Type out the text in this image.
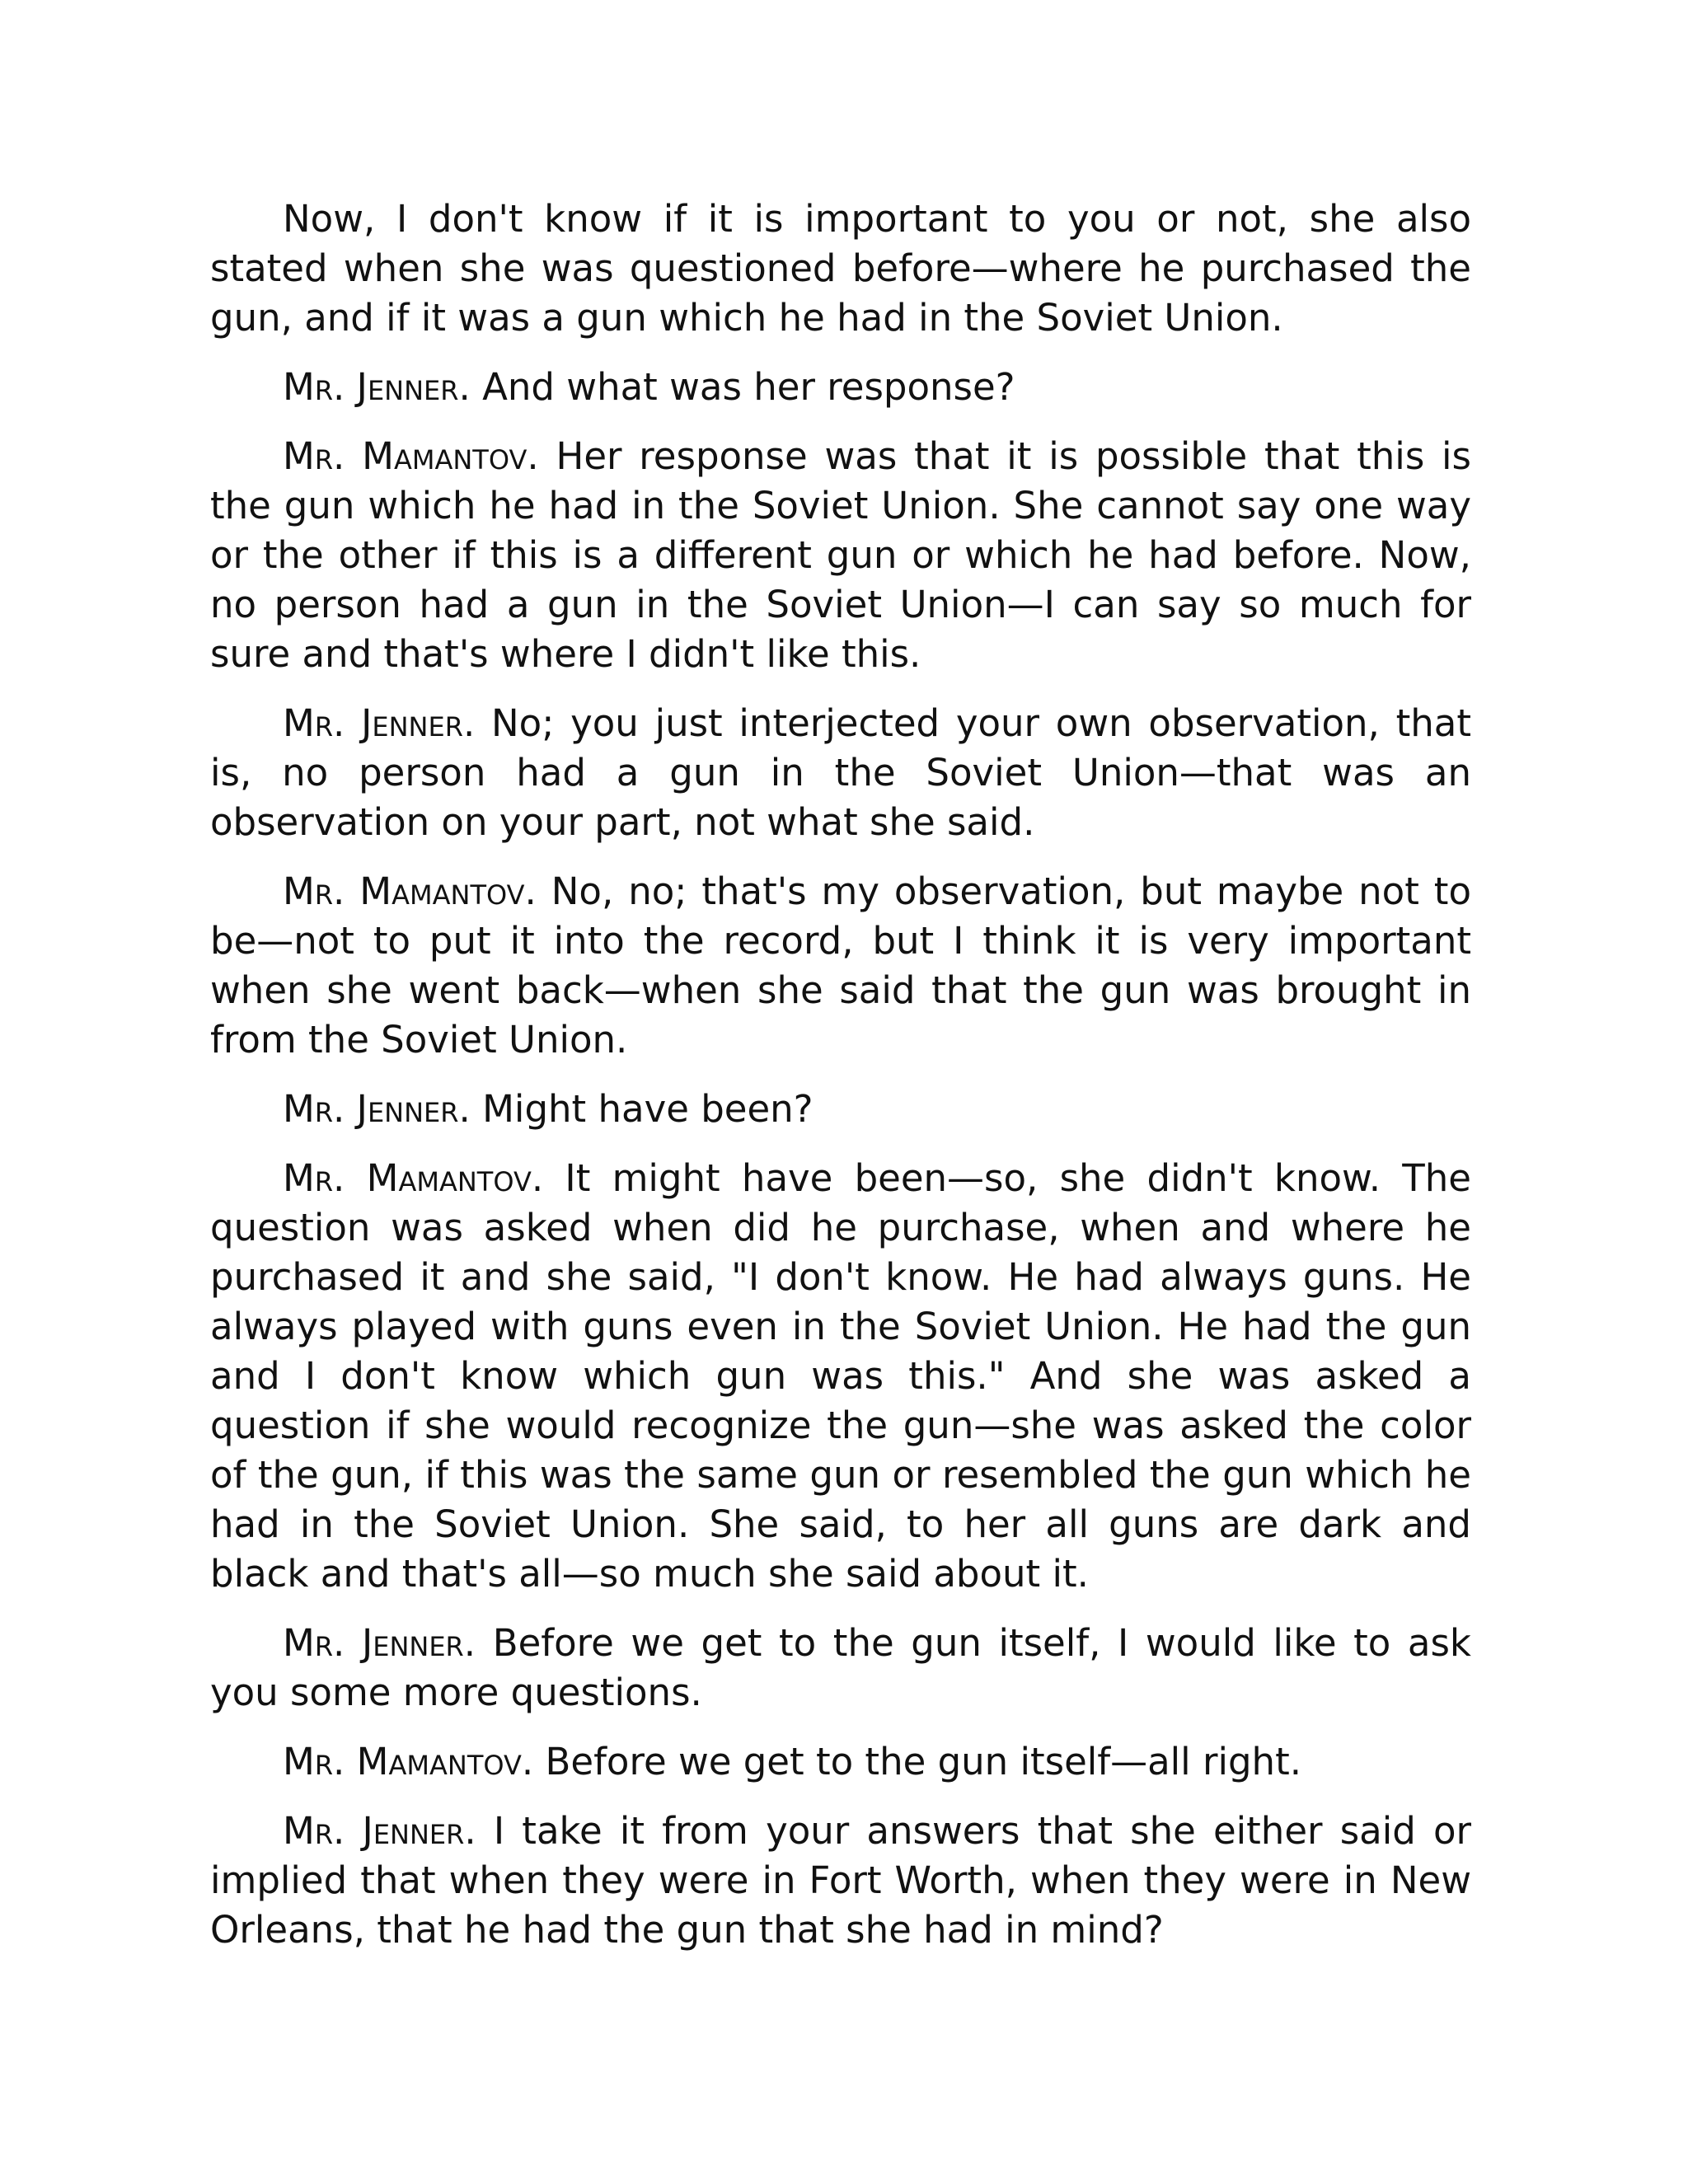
Now, I don't know if it is important to you or not, she also stated when she was questioned before—where he purchased the gun, and if it was a gun which he had in the Soviet Union.

Mr. Jenner. And what was her response?

Mr. Mamantov. Her response was that it is possible that this is the gun which he had in the Soviet Union. She cannot say one way or the other if this is a different gun or which he had before. Now, no person had a gun in the Soviet Union—I can say so much for sure and that's where I didn't like this.

Mr. Jenner. No; you just interjected your own observation, that is, no person had a gun in the Soviet Union—that was an observation on your part, not what she said.

Mr. Mamantov. No, no; that's my observation, but maybe not to be—not to put it into the record, but I think it is very important when she went back—when she said that the gun was brought in from the Soviet Union.

Mr. Jenner. Might have been?

Mr. Mamantov. It might have been—so, she didn't know. The question was asked when did he purchase, when and where he purchased it and she said, "I don't know. He had always guns. He always played with guns even in the Soviet Union. He had the gun and I don't know which gun was this." And she was asked a question if she would recognize the gun—she was asked the color of the gun, if this was the same gun or resembled the gun which he had in the Soviet Union. She said, to her all guns are dark and black and that's all—so much she said about it.

Mr. Jenner. Before we get to the gun itself, I would like to ask you some more questions.

Mr. Mamantov. Before we get to the gun itself—all right.

Mr. Jenner. I take it from your answers that she either said or implied that when they were in Fort Worth, when they were in New Orleans, that he had the gun that she had in mind?
